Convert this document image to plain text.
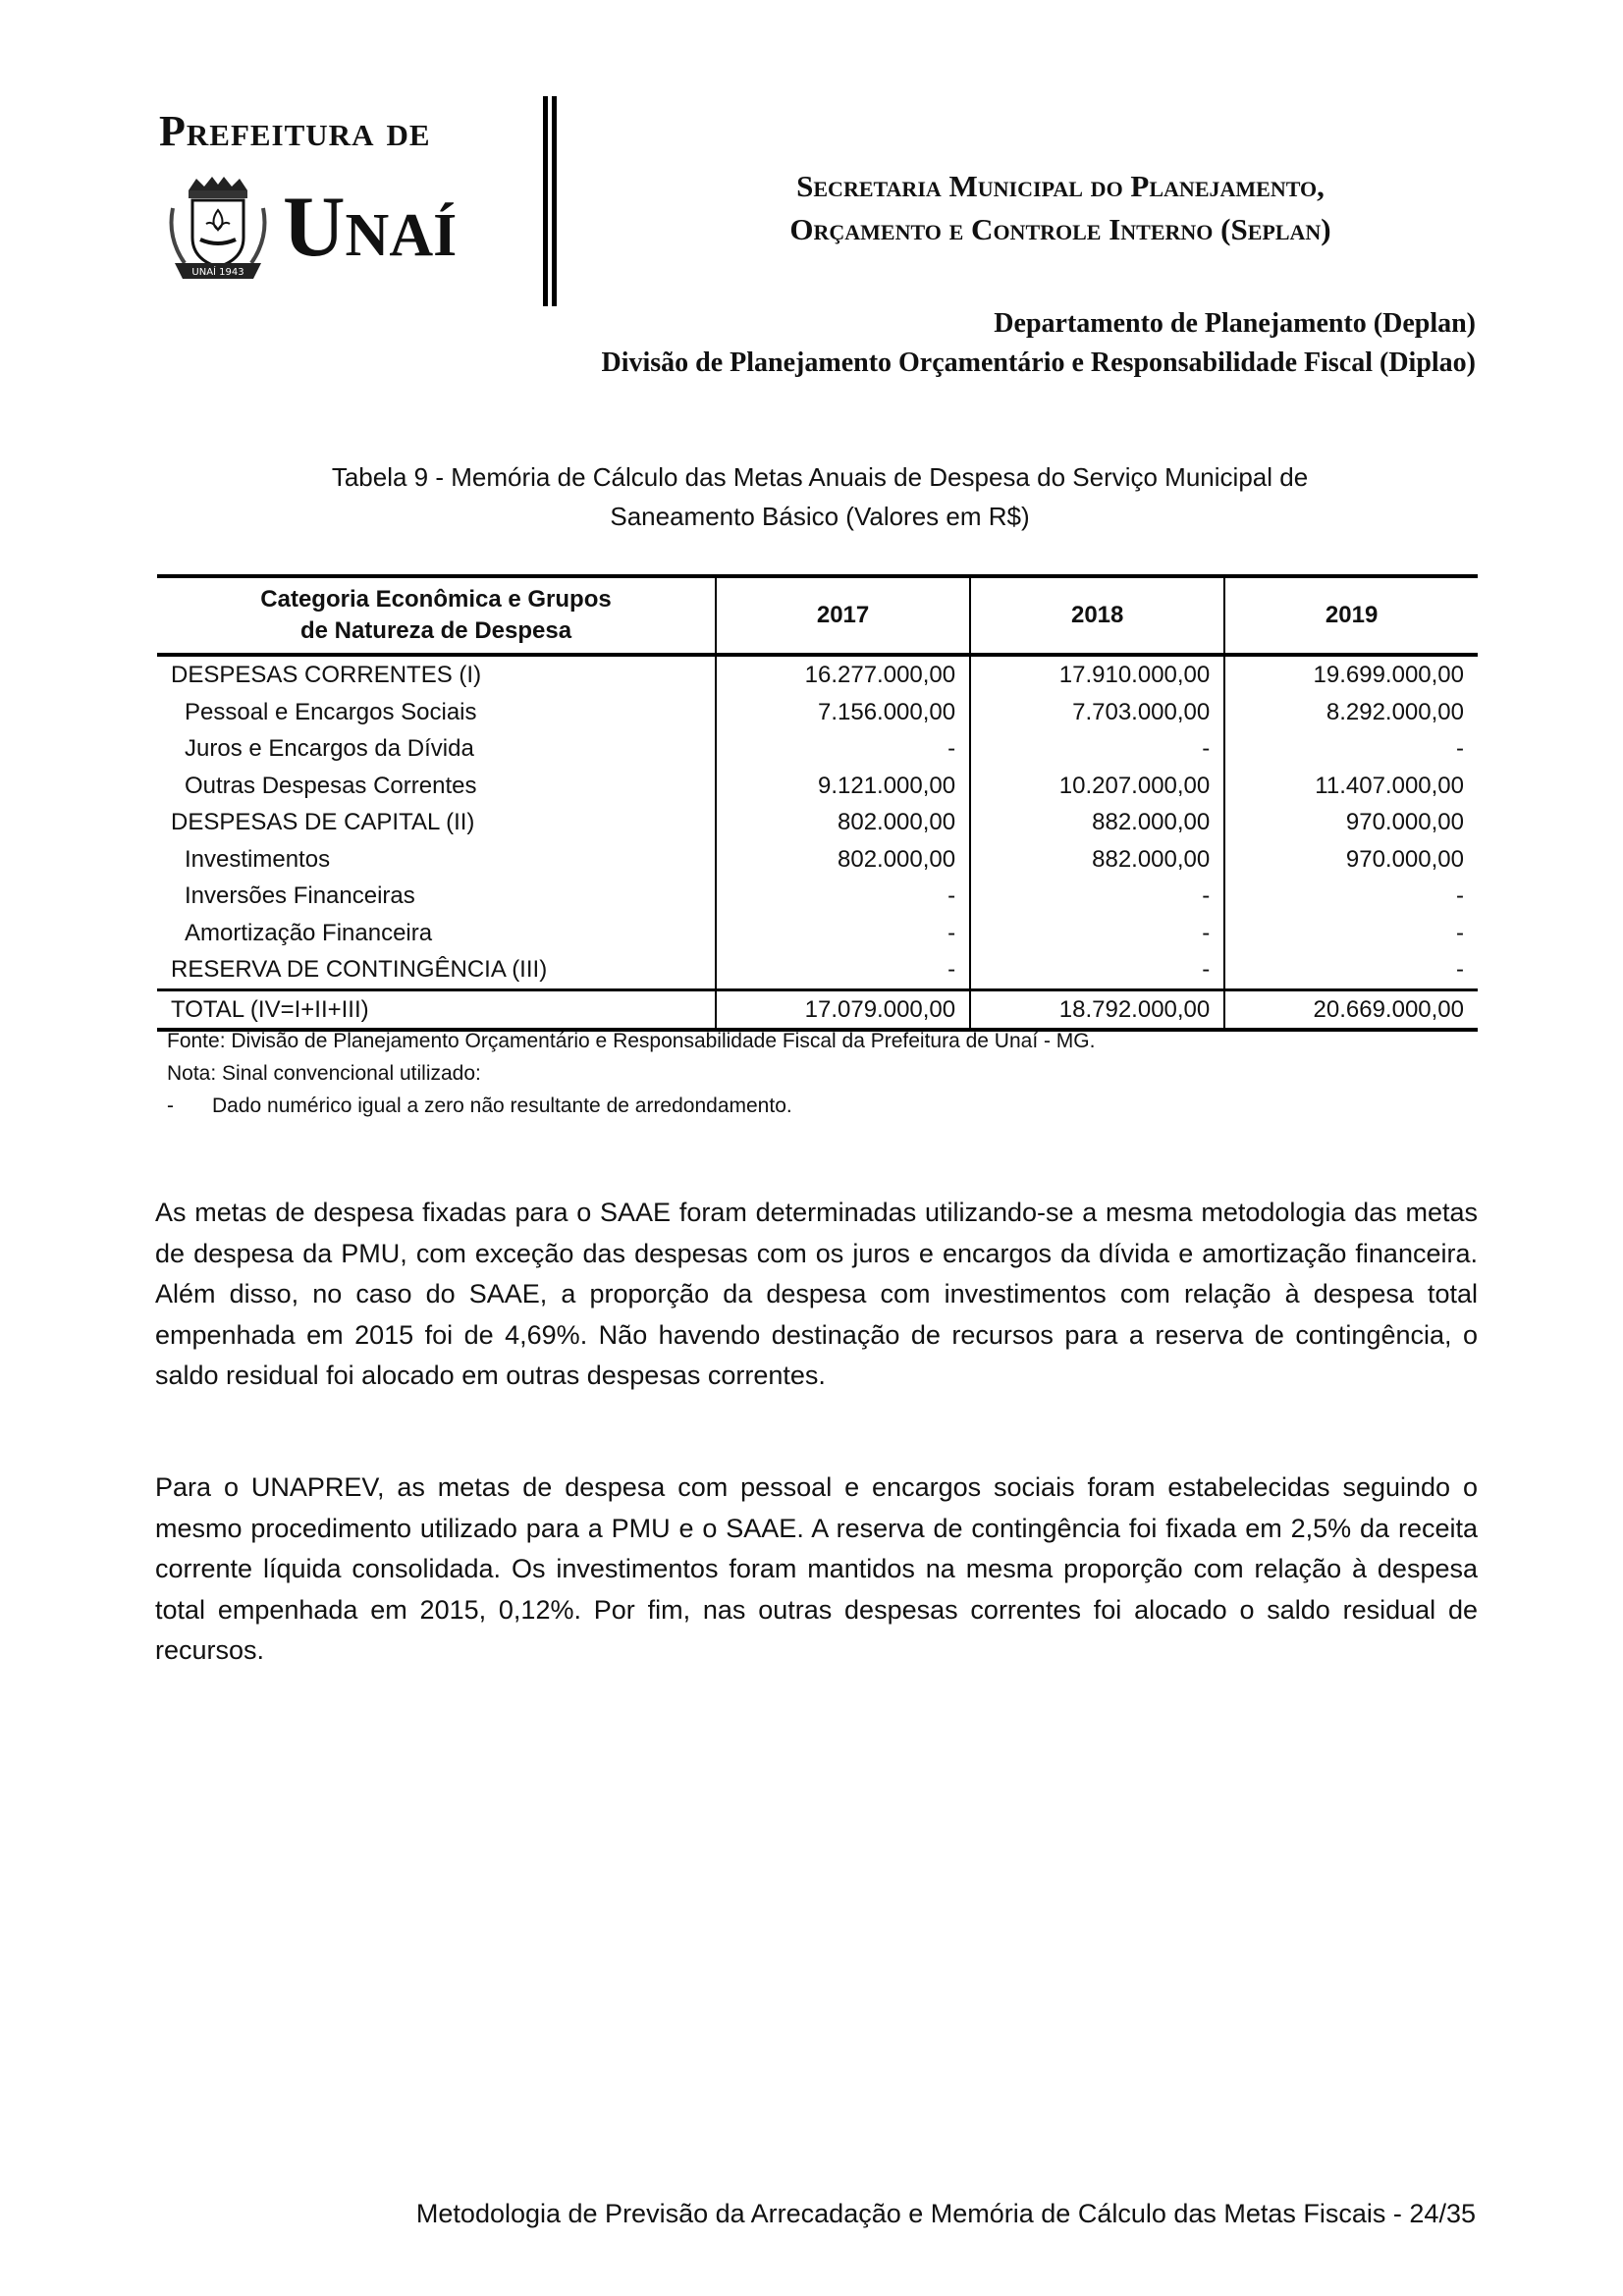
Prefeitura de
UNAÍ 1943 Unaí	Secretaria Municipal do Planejamento,
Orçamento e Controle Interno (Seplan)
Departamento de Planejamento (Deplan)
Divisão de Planejamento Orçamentário e Responsabilidade Fiscal (Diplao)
Tabela 9 - Memória de Cálculo das Metas Anuais de Despesa do Serviço Municipal de
Saneamento Básico (Valores em R$)
Categoria Econômica e Grupos
de Natureza de Despesa	2017	2018	2019
DESPESAS CORRENTES (I)	16.277.000,00	17.910.000,00	19.699.000,00
Pessoal e Encargos Sociais	7.156.000,00	7.703.000,00	8.292.000,00
Juros e Encargos da Dívida	-	-	-
Outras Despesas Correntes	9.121.000,00	10.207.000,00	11.407.000,00
DESPESAS DE CAPITAL (II)	802.000,00	882.000,00	970.000,00
Investimentos	802.000,00	882.000,00	970.000,00
Inversões Financeiras	-	-	-
Amortização Financeira	-	-	-
RESERVA DE CONTINGÊNCIA (III)	-	-	-
TOTAL (IV=I+II+III)	17.079.000,00	18.792.000,00	20.669.000,00
Fonte: Divisão de Planejamento Orçamentário e Responsabilidade Fiscal da Prefeitura de Unaí - MG.
Nota: Sinal convencional utilizado:
- Dado numérico igual a zero não resultante de arredondamento.

As metas de despesa fixadas para o SAAE foram determinadas utilizando-se a mesma metodologia das metas de despesa da PMU, com exceção das despesas com os juros e encargos da dívida e amortização financeira. Além disso, no caso do SAAE, a proporção da despesa com investimentos com relação à despesa total empenhada em 2015 foi de 4,69%. Não havendo destinação de recursos para a reserva de contingência, o saldo residual foi alocado em outras despesas correntes.

Para o UNAPREV, as metas de despesa com pessoal e encargos sociais foram estabelecidas seguindo o mesmo procedimento utilizado para a PMU e o SAAE. A reserva de contingência foi fixada em 2,5% da receita corrente líquida consolidada. Os investimentos foram mantidos na mesma proporção com relação à despesa total empenhada em 2015, 0,12%. Por fim, nas outras despesas correntes foi alocado o saldo residual de recursos.

Metodologia de Previsão da Arrecadação e Memória de Cálculo das Metas Fiscais - 24/35
